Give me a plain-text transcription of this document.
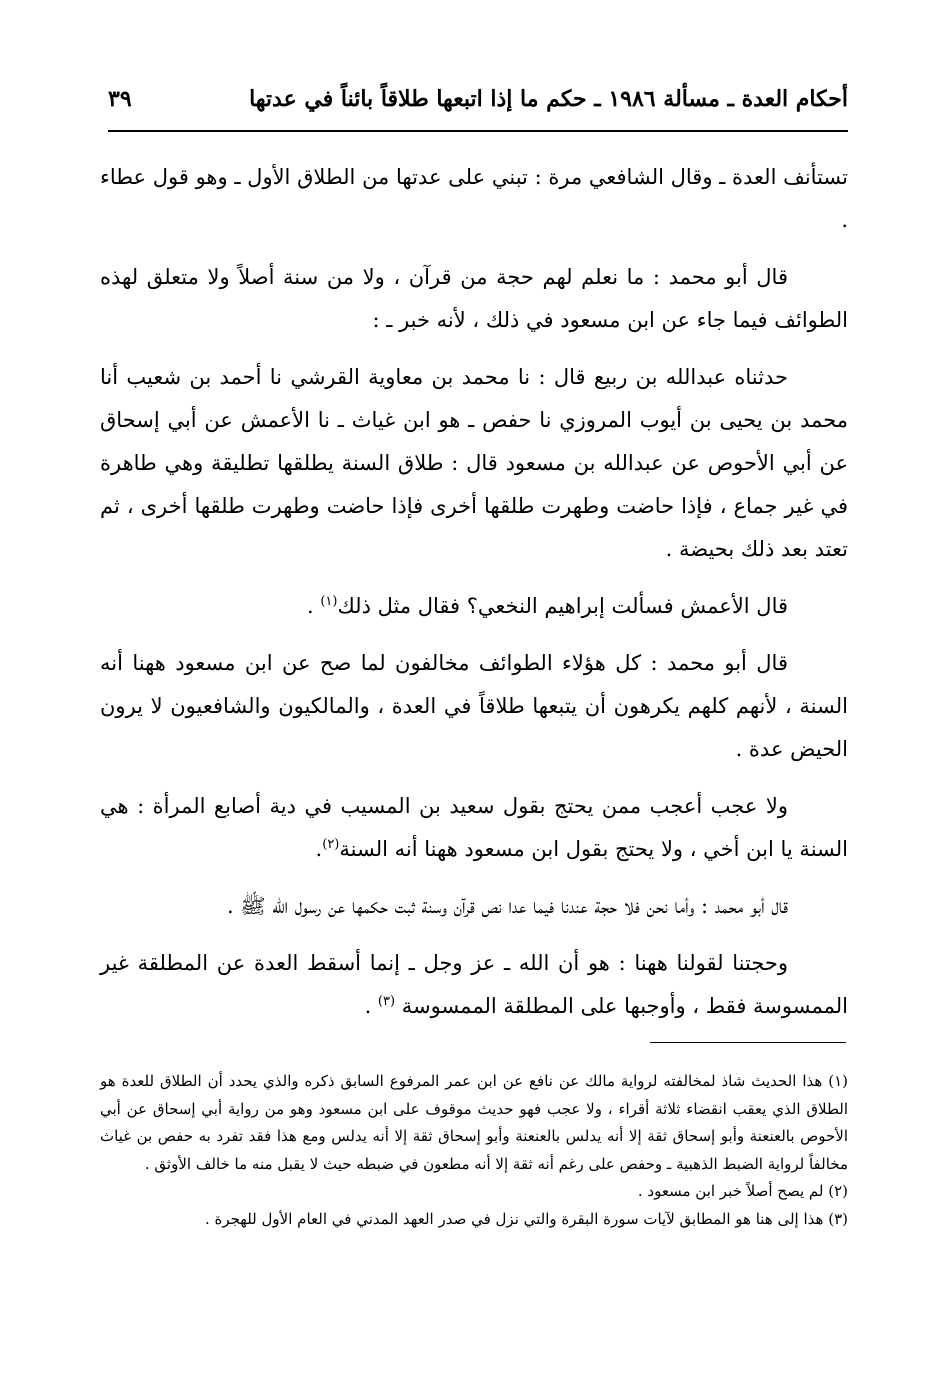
أحكام العدة ـ مسألة ١٩٨٦ ـ حكم ما إذا اتبعها طلاقاً بائناً في عدتها
٣٩

تستأنف العدة ـ وقال الشافعي مرة : تبني على عدتها من الطلاق الأول ـ وهو قول عطاء .

قال أبو محمد : ما نعلم لهم حجة من قرآن ، ولا من سنة أصلاً ولا متعلق لهذه الطوائف فيما جاء عن ابن مسعود في ذلك ، لأنه خبر ـ :

حدثناه عبدالله بن ربيع قال : نا محمد بن معاوية القرشي نا أحمد بن شعيب أنا محمد بن يحيى بن أيوب المروزي نا حفص ـ هو ابن غياث ـ نا الأعمش عن أبي إسحاق عن أبي الأحوص عن عبدالله بن مسعود قال : طلاق السنة يطلقها تطليقة وهي طاهرة في غير جماع ، فإذا حاضت وطهرت طلقها أخرى فإذا حاضت وطهرت طلقها أخرى ، ثم تعتد بعد ذلك بحيضة .

قال الأعمش فسألت إبراهيم النخعي؟ فقال مثل ذلك$^{(١)}$ .

قال أبو محمد : كل هؤلاء الطوائف مخالفون لما صح عن ابن مسعود ههنا أنه السنة ، لأنهم كلهم يكرهون أن يتبعها طلاقاً في العدة ، والمالكيون والشافعيون لا يرون الحيض عدة .

ولا عجب أعجب ممن يحتج بقول سعيد بن المسيب في دية أصابع المرأة : هي السنة يا ابن أخي ، ولا يحتج بقول ابن مسعود ههنا أنه السنة$^{(٢)}$.

قال أبو محمد : وأما نحن فلا حجة عندنا فيما عدا نص قرآن وسنة ثبت حكمها عن رسول الله ﷺ .

وحجتنا لقولنا ههنا : هو أن الله ـ عز وجل ـ إنما أسقط العدة عن المطلقة غير الممسوسة فقط ، وأوجبها على المطلقة الممسوسة $^{(٣)}$ .

(١) هذا الحديث شاذ لمخالفته لرواية مالك عن نافع عن ابن عمر المرفوع السابق ذكره والذي يحدد أن الطلاق للعدة هو الطلاق الذي يعقب انقضاء ثلاثة أقراء ، ولا عجب فهو حديث موقوف على ابن مسعود وهو من رواية أبي إسحاق عن أبي الأحوص بالعنعنة وأبو إسحاق ثقة إلا أنه يدلس بالعنعنة وأبو إسحاق ثقة إلا أنه يدلس ومع هذا فقد تفرد به حفص بن غياث مخالفاً لرواية الضبط الذهبية ـ وحفص على رغم أنه ثقة إلا أنه مطعون في ضبطه حيث لا يقبل منه ما خالف الأوثق .

(٢) لم يصح أصلاً خبر ابن مسعود .

(٣) هذا إلى هنا هو المطابق لآيات سورة البقرة والتي نزل في صدر العهد المدني في العام الأول للهجرة .
